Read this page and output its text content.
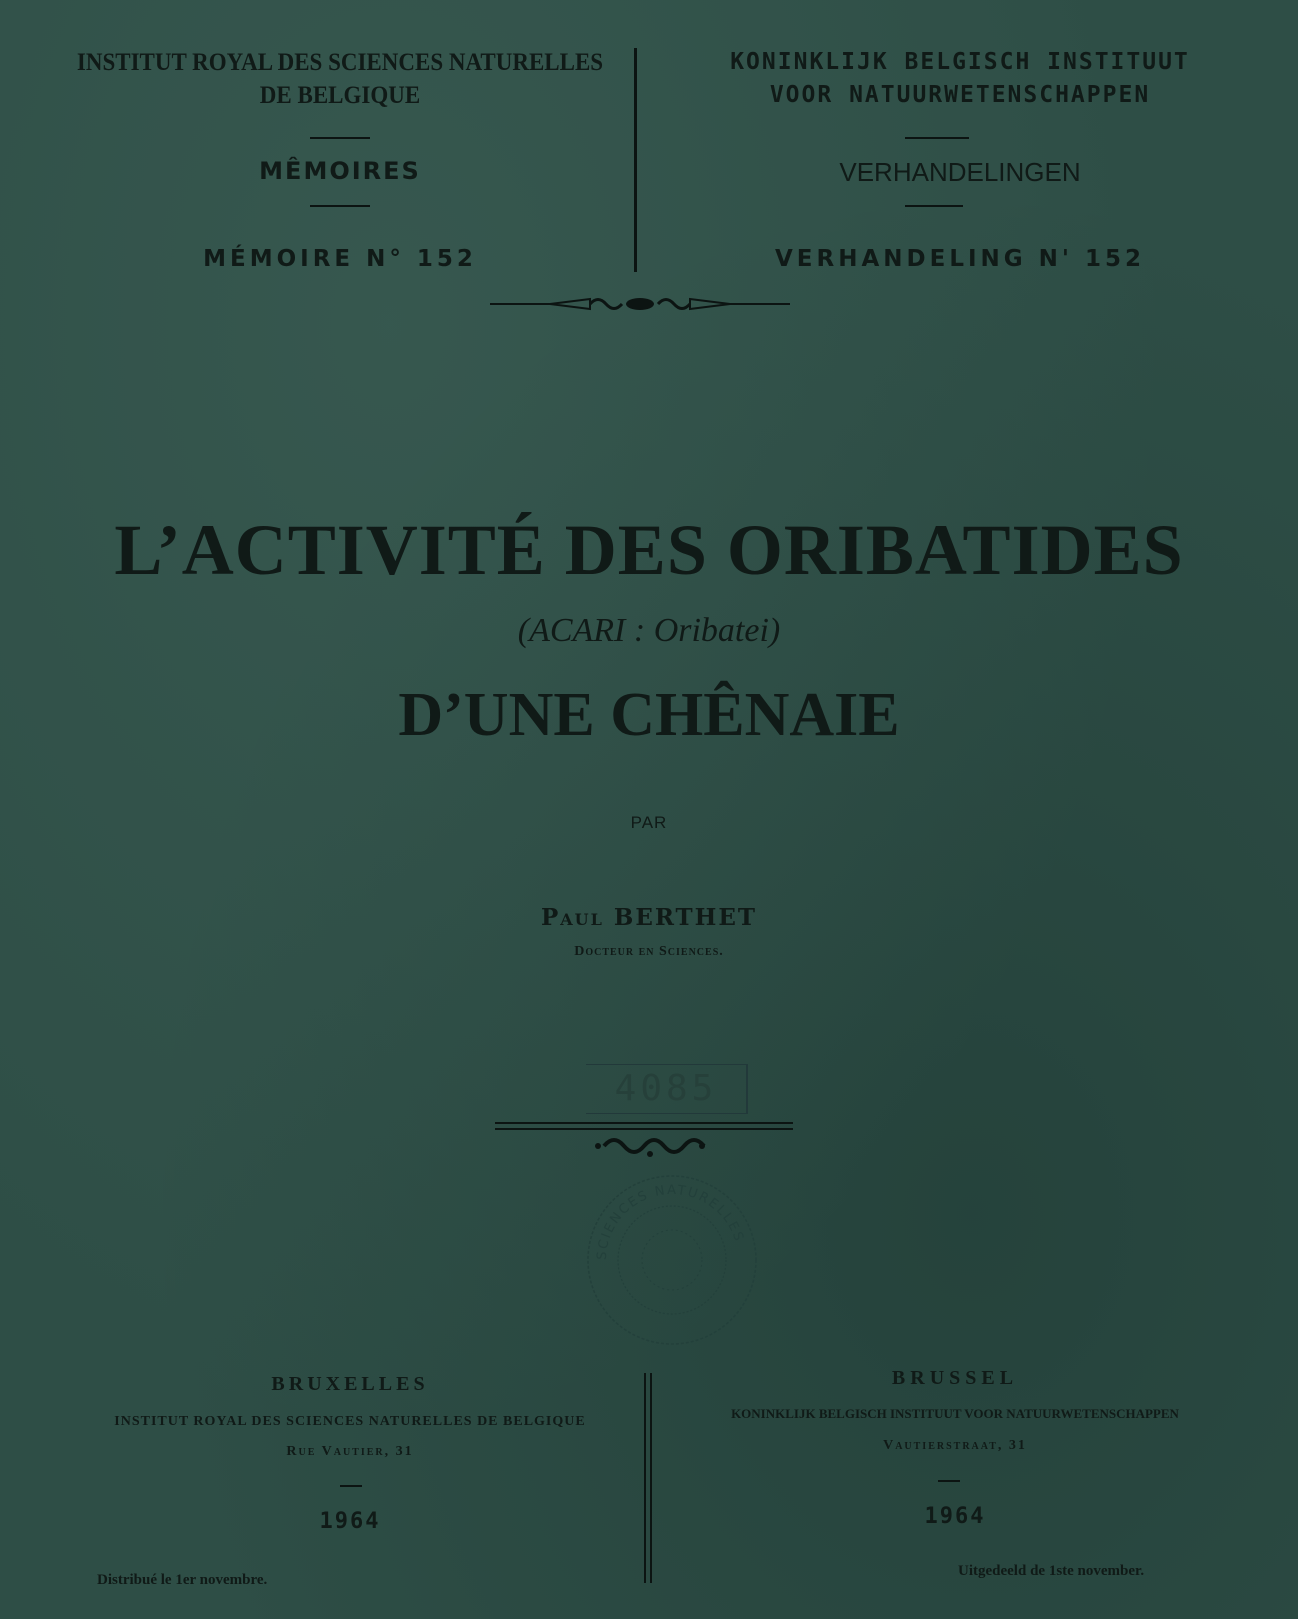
INSTITUT ROYAL DES SCIENCES NATURELLES
DE BELGIQUE
MÊMOIRES
MÉMOIRE N° 152
KONINKLIJK BELGISCH INSTITUUT
VOOR NATUURWETENSCHAPPEN
VERHANDELINGEN
VERHANDELING N' 152
L’ACTIVITÉ DES ORIBATIDES
(ACARI : Oribatei)
D’UNE CHÊNAIE
PAR
Paul BERTHET
Docteur en Sciences.
4085
SCIENCES NATURELLES
BRUXELLES
INSTITUT ROYAL DES SCIENCES NATURELLES DE BELGIQUE
Rue Vautier, 31
1964
Distribué le 1er novembre.
BRUSSEL
KONINKLIJK BELGISCH INSTITUUT VOOR NATUURWETENSCHAPPEN
Vautierstraat, 31
1964
Uitgedeeld de 1ste november.
